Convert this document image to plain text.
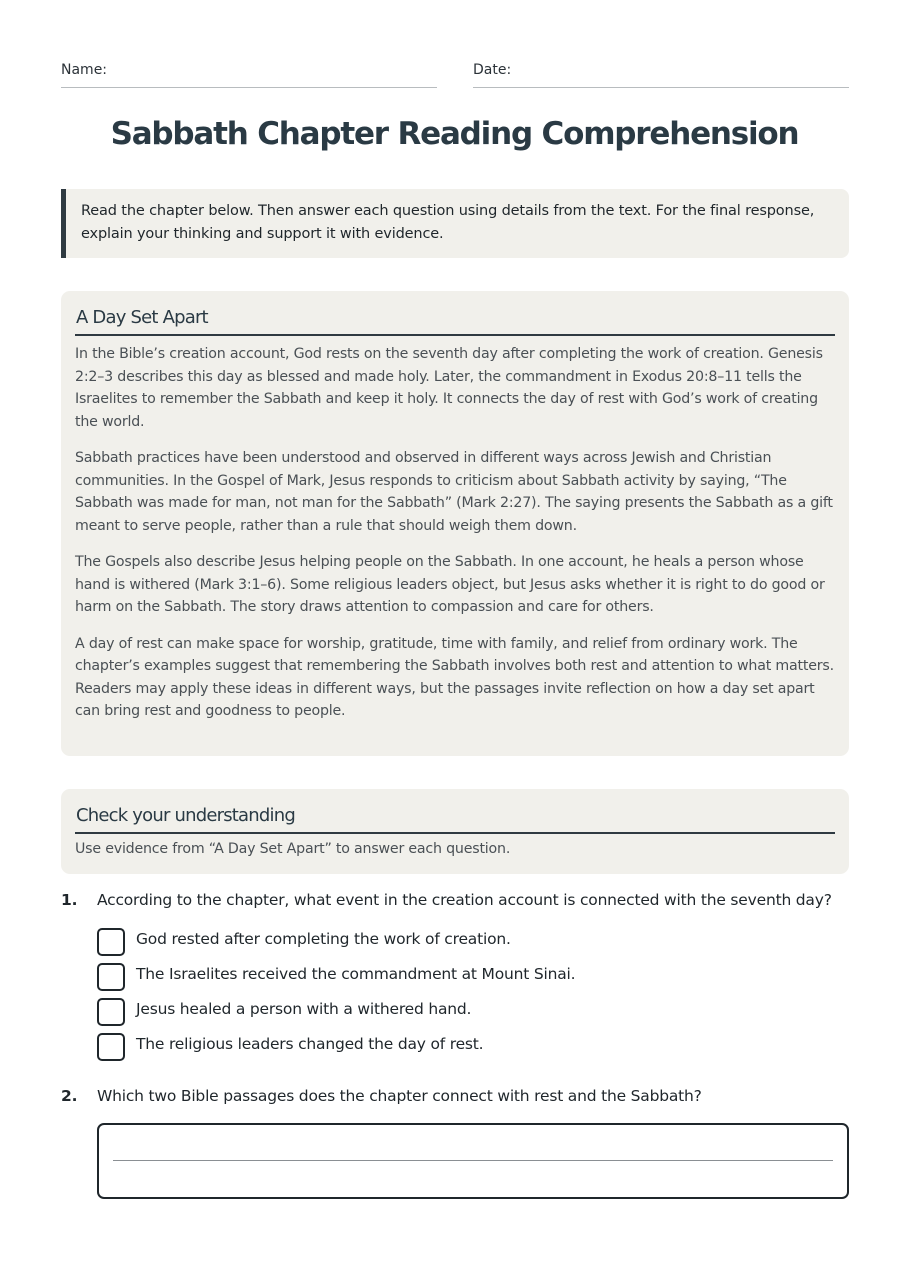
Name:	Date:
Sabbath Chapter Reading Comprehension
Read the chapter below. Then answer each question using details from the text. For the final response, explain your thinking and support it with evidence.
A Day Set Apart

In the Bible’s creation account, God rests on the seventh day after completing the work of creation. Genesis 2:2–3 describes this day as blessed and made holy. Later, the commandment in Exodus 20:8–11 tells the Israelites to remember the Sabbath and keep it holy. It connects the day of rest with God’s work of creating the world.

Sabbath practices have been understood and observed in different ways across Jewish and Christian communities. In the Gospel of Mark, Jesus responds to criticism about Sabbath activity by saying, “The Sabbath was made for man, not man for the Sabbath” (Mark 2:27). The saying presents the Sabbath as a gift meant to serve people, rather than a rule that should weigh them down.

The Gospels also describe Jesus helping people on the Sabbath. In one account, he heals a person whose hand is withered (Mark 3:1–6). Some religious leaders object, but Jesus asks whether it is right to do good or harm on the Sabbath. The story draws attention to compassion and care for others.

A day of rest can make space for worship, gratitude, time with family, and relief from ordinary work. The chapter’s examples suggest that remembering the Sabbath involves both rest and attention to what matters. Readers may apply these ideas in different ways, but the passages invite reflection on how a day set apart can bring rest and goodness to people.

Check your understanding
Use evidence from “A Day Set Apart” to answer each question.
1. According to the chapter, what event in the creation account is connected with the seventh day?
God rested after completing the work of creation.
The Israelites received the commandment at Mount Sinai.
Jesus healed a person with a withered hand.
The religious leaders changed the day of rest.
2. Which two Bible passages does the chapter connect with rest and the Sabbath?
